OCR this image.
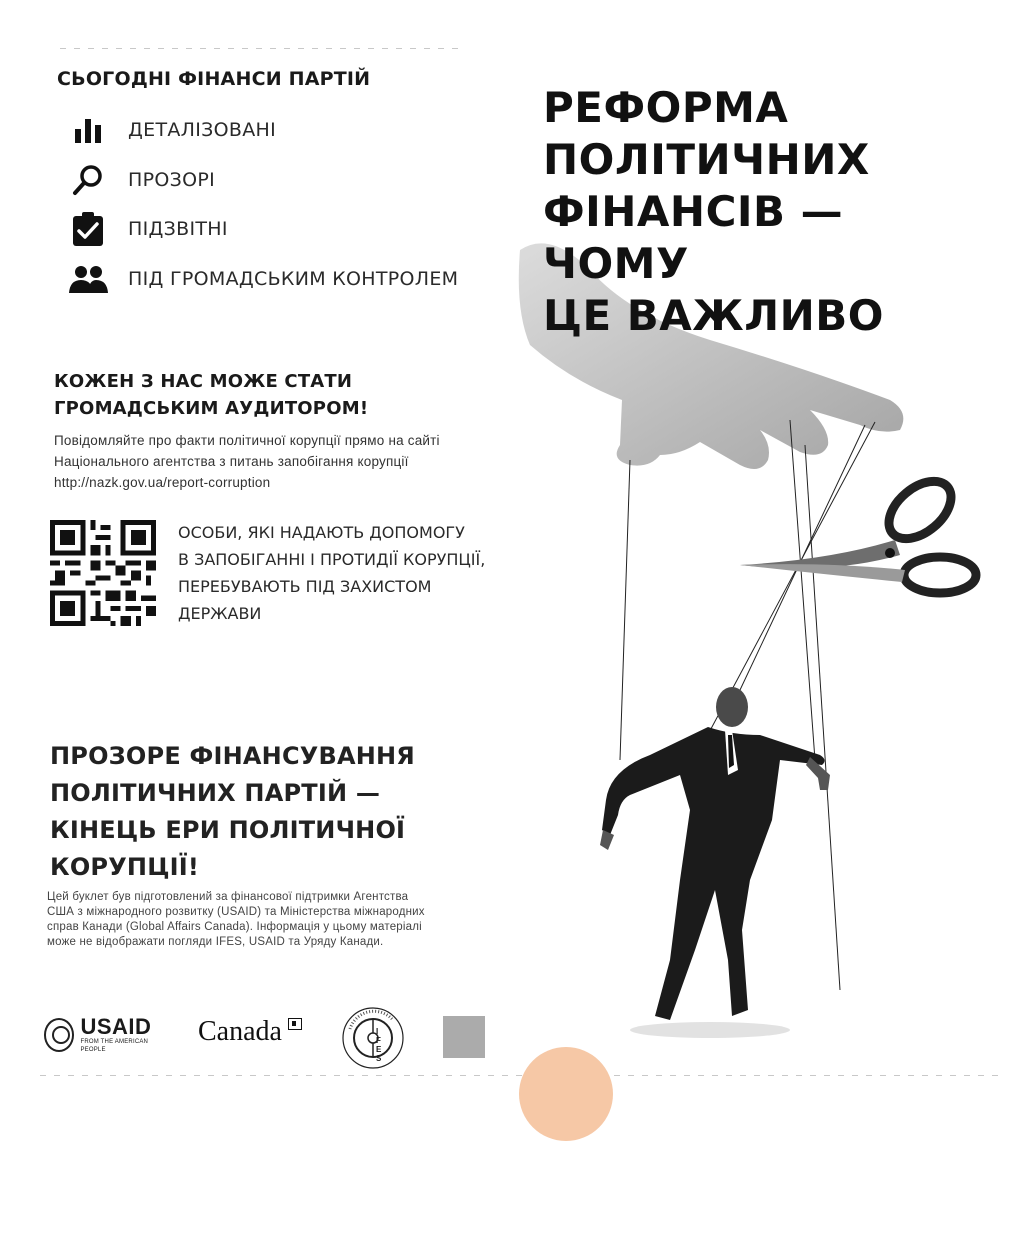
СЬОГОДНІ ФІНАНСИ ПАРТІЙ
ДЕТАЛІЗОВАНІ
ПРОЗОРІ
ПІДЗВІТНІ
ПІД ГРОМАДСЬКИМ КОНТРОЛЕМ
КОЖЕН З НАС МОЖЕ СТАТИ ГРОМАДСЬКИМ АУДИТОРОМ!
Повідомляйте про факти політичної корупції прямо на сайті
Національного агентства з питань запобігання корупції
http://nazk.gov.ua/report-corruption
ОСОБИ, ЯКІ НАДАЮТЬ ДОПОМОГУ
В ЗАПОБІГАННІ І ПРОТИДІЇ КОРУПЦІЇ,
ПЕРЕБУВАЮТЬ ПІД ЗАХИСТОМ
ДЕРЖАВИ
ПРОЗОРЕ ФІНАНСУВАННЯ
ПОЛІТИЧНИХ ПАРТІЙ —
КІНЕЦЬ ЕРИ ПОЛІТИЧНОЇ КОРУПЦІЇ!
Цей буклет був підготовлений за фінансової підтримки Агентства
США з міжнародного розвитку (USAID) та Міністерства міжнародних
справ Канади (Global Affairs Canada). Інформація у цьому матеріалі
може не відображати погляди IFES, USAID та Уряду Канади.
USAID
FROM THE AMERICAN PEOPLE
Canada	IFES
РЕФОРМА
ПОЛІТИЧНИХ
ФІНАНСІВ —
ЧОМУ
ЦЕ ВАЖЛИВО
